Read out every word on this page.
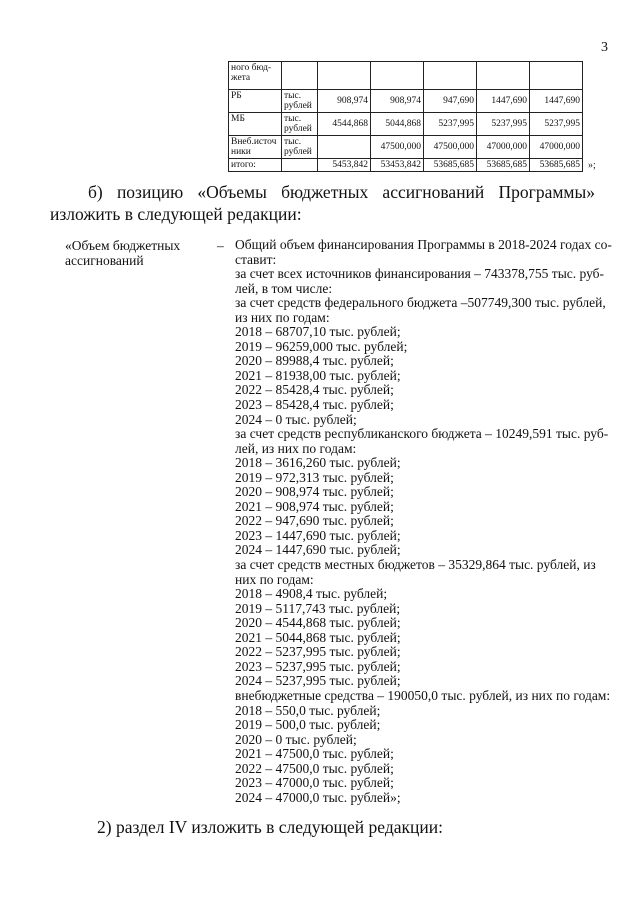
3
ного бюд-жета						
РБ	тыс. рублей	908,974	908,974	947,690	1447,690	1447,690
МБ	тыс. рублей	4544,868	5044,868	5237,995	5237,995	5237,995
Внеб.источ ники	тыс. рублей		47500,000	47500,000	47000,000	47000,000
итого:		5453,842	53453,842	53685,685	53685,685	53685,685 »;

б) позицию «Объемы бюджетных ассигнований Программы» изложить в следующей редакции:

«Объем бюджетных ассигнований

– Общий объем финансирования Программы в 2018-2024 годах со-
ставит:
за счет всех источников финансирования – 743378,755 тыс. руб-
лей, в том числе:
за счет средств федерального бюджета –507749,300 тыс. рублей,
из них по годам:
2018 – 68707,10 тыс. рублей;
2019 – 96259,000 тыс. рублей;
2020 – 89988,4 тыс. рублей;
2021 – 81938,00 тыс. рублей;
2022 – 85428,4 тыс. рублей;
2023 – 85428,4 тыс. рублей;
2024 – 0 тыс. рублей;
за счет средств республиканского бюджета – 10249,591 тыс. руб-
лей, из них по годам:
2018 – 3616,260 тыс. рублей;
2019 – 972,313 тыс. рублей;
2020 – 908,974 тыс. рублей;
2021 – 908,974 тыс. рублей;
2022 – 947,690 тыс. рублей;
2023 – 1447,690 тыс. рублей;
2024 – 1447,690 тыс. рублей;
за счет средств местных бюджетов – 35329,864 тыс. рублей, из
них по годам:
2018 – 4908,4 тыс. рублей;
2019 – 5117,743 тыс. рублей;
2020 – 4544,868 тыс. рублей;
2021 – 5044,868 тыс. рублей;
2022 – 5237,995 тыс. рублей;
2023 – 5237,995 тыс. рублей;
2024 – 5237,995 тыс. рублей;
внебюджетные средства – 190050,0 тыс. рублей, из них по годам:
2018 – 550,0 тыс. рублей;
2019 – 500,0 тыс. рублей;
2020 – 0 тыс. рублей;
2021 – 47500,0 тыс. рублей;
2022 – 47500,0 тыс. рублей;
2023 – 47000,0 тыс. рублей;
2024 – 47000,0 тыс. рублей»;

2) раздел IV изложить в следующей редакции:
